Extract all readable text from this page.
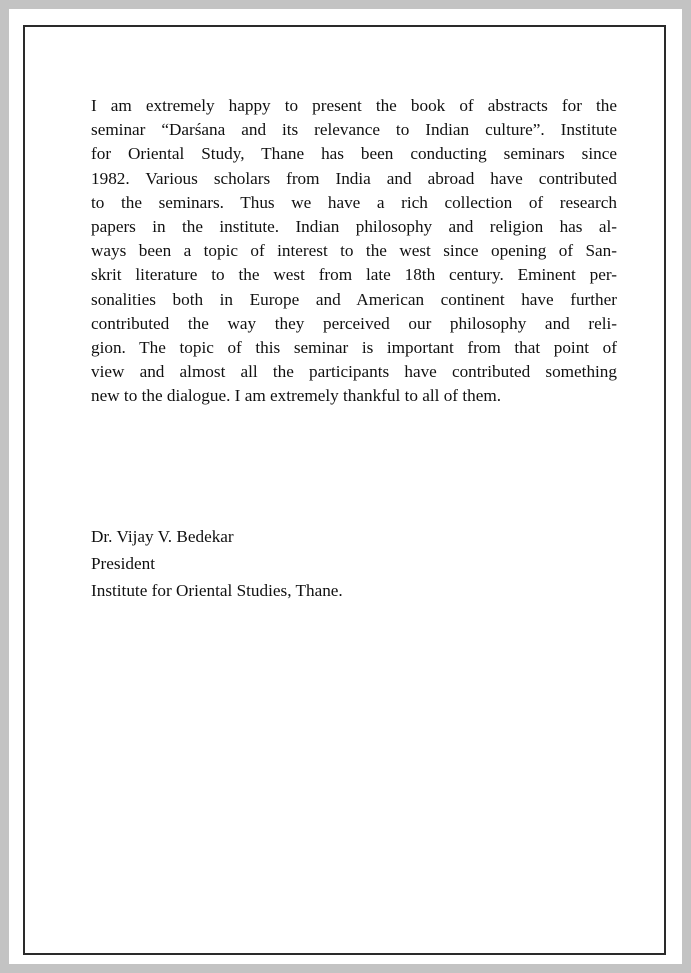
I am extremely happy to present the book of abstracts for the
seminar “Darśana and its relevance to Indian culture”. Institute
for Oriental Study, Thane has been conducting seminars since
1982. Various scholars from India and abroad have contributed
to the seminars. Thus we have a rich collection of research
papers in the institute. Indian philosophy and religion has al-
ways been a topic of interest to the west since opening of San-
skrit literature to the west from late 18th century. Eminent per-
sonalities both in Europe and American continent have further
contributed the way they perceived our philosophy and reli-
gion. The topic of this seminar is important from that point of
view and almost all the participants have contributed something
new to the dialogue. I am extremely thankful to all of them.
Dr. Vijay V. Bedekar
President
Institute for Oriental Studies, Thane.
